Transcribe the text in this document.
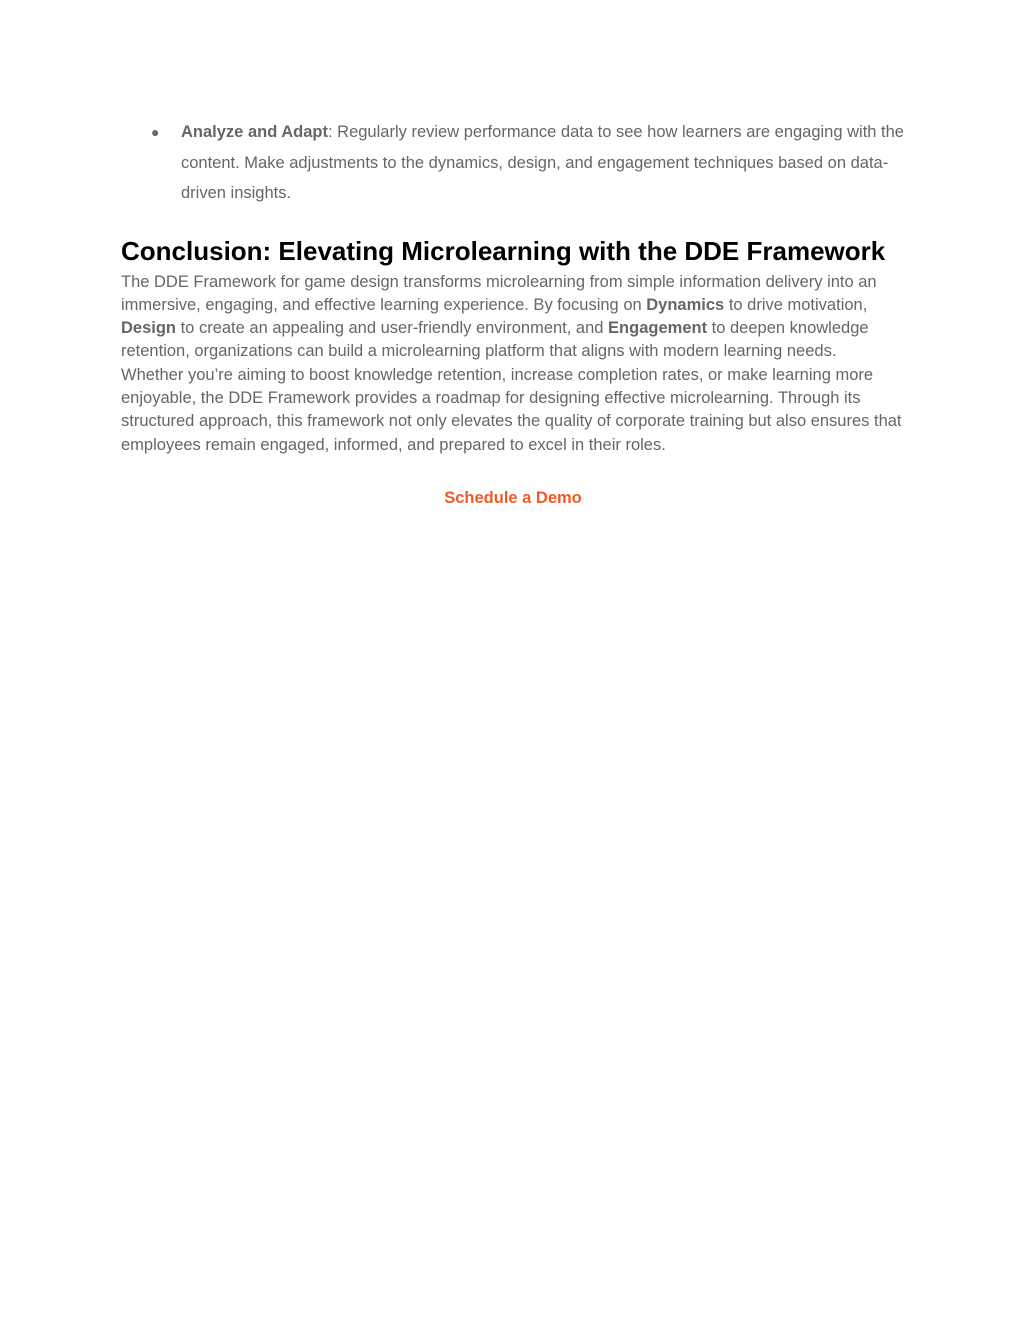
● Analyze and Adapt: Regularly review performance data to see how learners are engaging with the content. Make adjustments to the dynamics, design, and engagement techniques based on data-driven insights.
Conclusion: Elevating Microlearning with the DDE Framework

The DDE Framework for game design transforms microlearning from simple information delivery into an immersive, engaging, and effective learning experience. By focusing on Dynamics to drive motivation, Design to create an appealing and user-friendly environment, and Engagement to deepen knowledge retention, organizations can build a microlearning platform that aligns with modern learning needs.

Whether you’re aiming to boost knowledge retention, increase completion rates, or make learning more enjoyable, the DDE Framework provides a roadmap for designing effective microlearning. Through its structured approach, this framework not only elevates the quality of corporate training but also ensures that employees remain engaged, informed, and prepared to excel in their roles.

Schedule a Demo
